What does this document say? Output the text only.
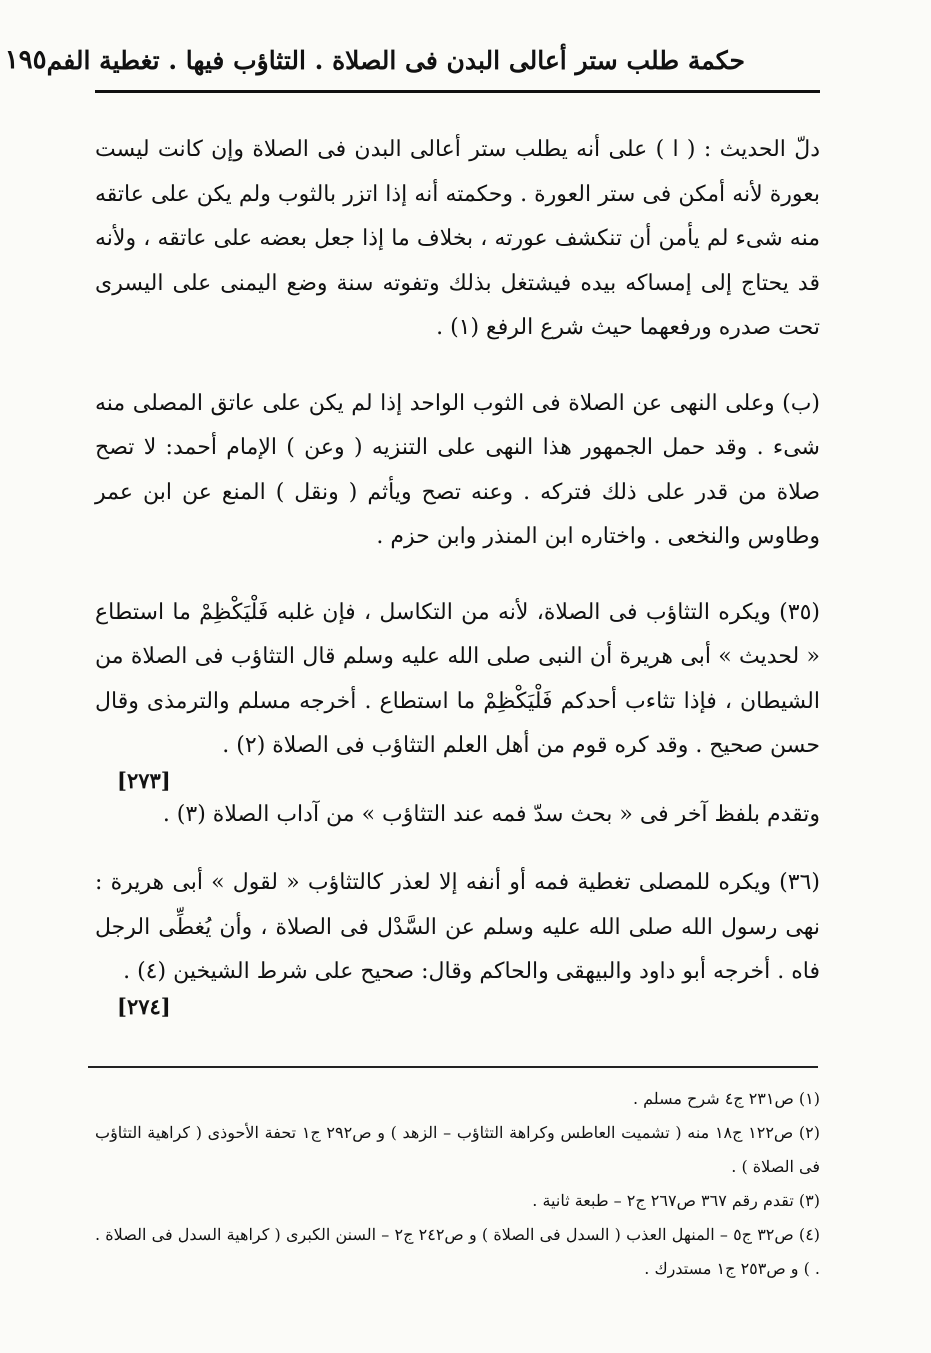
حكمة طلب ستر أعالى البدن فى الصلاة . التثاؤب فيها . تغطية الفم
١٩٥

دلّ الحديث : ( ا ) على أنه يطلب ستر أعالى البدن فى الصلاة وإن كانت ليست بعورة لأنه أمكن فى ستر العورة . وحكمته أنه إذا اتزر بالثوب ولم يكن على عاتقه منه شىء لم يأمن أن تنكشف عورته ، بخلاف ما إذا جعل بعضه على عاتقه ، ولأنه قد يحتاج إلى إمساكه بيده فيشتغل بذلك وتفوته سنة وضع اليمنى على اليسرى تحت صدره ورفعهما حيث شرع الرفع (١) .

(ب) وعلى النهى عن الصلاة فى الثوب الواحد إذا لم يكن على عاتق المصلى منه شىء . وقد حمل الجمهور هذا النهى على التنزيه ( وعن ) الإمام أحمد: لا تصح صلاة من قدر على ذلك فتركه . وعنه تصح ويأثم ( ونقل ) المنع عن ابن عمر وطاوس والنخعى . واختاره ابن المنذر وابن حزم .

(٣٥) ويكره التثاؤب فى الصلاة، لأنه من التكاسل ، فإن غلبه فَلْيَكْظِمْ ما استطاع « لحديث » أبى هريرة أن النبى صلى الله عليه وسلم قال التثاؤب فى الصلاة من الشيطان ، فإذا تثاءب أحدكم فَلْيَكْظِمْ ما استطاع . أخرجه مسلم والترمذى وقال حسن صحيح . وقد كره قوم من أهل العلم التثاؤب فى الصلاة (٢) .

[٢٧٣]

وتقدم بلفظ آخر فى « بحث سدّ فمه عند التثاؤب » من آداب الصلاة (٣) .

(٣٦) ويكره للمصلى تغطية فمه أو أنفه إلا لعذر كالتثاؤب « لقول » أبى هريرة : نهى رسول الله صلى الله عليه وسلم عن السَّدْل فى الصلاة ، وأن يُغطِّى الرجل فاه . أخرجه أبو داود والبيهقى والحاكم وقال: صحيح على شرط الشيخين (٤) .

[٢٧٤]

(١) ص٢٣١ ج٤ شرح مسلم .

(٢) ص١٢٢ ج١٨ منه ( تشميت العاطس وكراهة التثاؤب – الزهد ) و ص٢٩٢ ج١ تحفة الأحوذى ( كراهية التثاؤب فى الصلاة ) .

(٣) تقدم رقم ٣٦٧ ص٢٦٧ ج٢ – طبعة ثانية .

(٤) ص٣٢ ج٥ – المنهل العذب ( السدل فى الصلاة ) و ص٢٤٢ ج٢ – السنن الكبرى ( كراهية السدل فى الصلاة . . ) و ص٢٥٣ ج١ مستدرك .
